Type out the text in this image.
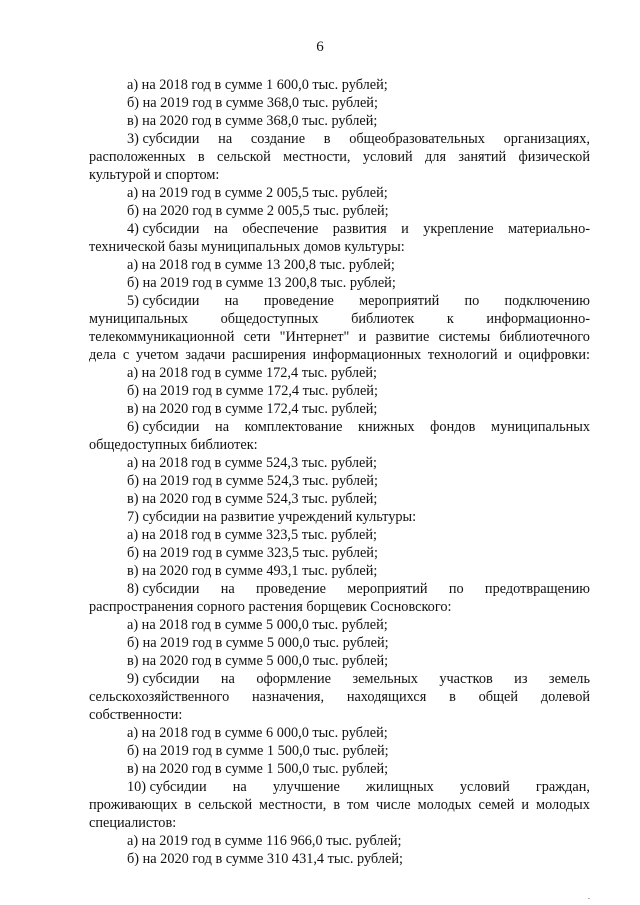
6
а) на 2018 год в сумме 1 600,0 тыс. рублей;
б) на 2019 год в сумме 368,0 тыс. рублей;
в) на 2020 год в сумме 368,0 тыс. рублей;
3) субсидии на создание в общеобразовательных организациях,
расположенных в сельской местности, условий для занятий физической
культурой и спортом:
а) на 2019 год в сумме 2 005,5 тыс. рублей;
б) на 2020 год в сумме 2 005,5 тыс. рублей;
4) субсидии на обеспечение развития и укрепление материально-
технической базы муниципальных домов культуры:
а) на 2018 год в сумме 13 200,8 тыс. рублей;
б) на 2019 год в сумме 13 200,8 тыс. рублей;
5) субсидии на проведение мероприятий по подключению
муниципальных общедоступных библиотек к информационно-
телекоммуникационной сети "Интернет" и развитие системы библиотечного
дела с учетом задачи расширения информационных технологий и оцифровки:
а) на 2018 год в сумме 172,4 тыс. рублей;
б) на 2019 год в сумме 172,4 тыс. рублей;
в) на 2020 год в сумме 172,4 тыс. рублей;
6) субсидии на комплектование книжных фондов муниципальных
общедоступных библиотек:
а) на 2018 год в сумме 524,3 тыс. рублей;
б) на 2019 год в сумме 524,3 тыс. рублей;
в) на 2020 год в сумме 524,3 тыс. рублей;
7) субсидии на развитие учреждений культуры:
а) на 2018 год в сумме 323,5 тыс. рублей;
б) на 2019 год в сумме 323,5 тыс. рублей;
в) на 2020 год в сумме 493,1 тыс. рублей;
8) субсидии на проведение мероприятий по предотвращению
распространения сорного растения борщевик Сосновского:
а) на 2018 год в сумме 5 000,0 тыс. рублей;
б) на 2019 год в сумме 5 000,0 тыс. рублей;
в) на 2020 год в сумме 5 000,0 тыс. рублей;
9) субсидии на оформление земельных участков из земель
сельскохозяйственного назначения, находящихся в общей долевой
собственности:
а) на 2018 год в сумме 6 000,0 тыс. рублей;
б) на 2019 год в сумме 1 500,0 тыс. рублей;
в) на 2020 год в сумме 1 500,0 тыс. рублей;
10) субсидии на улучшение жилищных условий граждан,
проживающих в сельской местности, в том числе молодых семей и молодых
специалистов:
а) на 2019 год в сумме 116 966,0 тыс. рублей;
б) на 2020 год в сумме 310 431,4 тыс. рублей;
.
